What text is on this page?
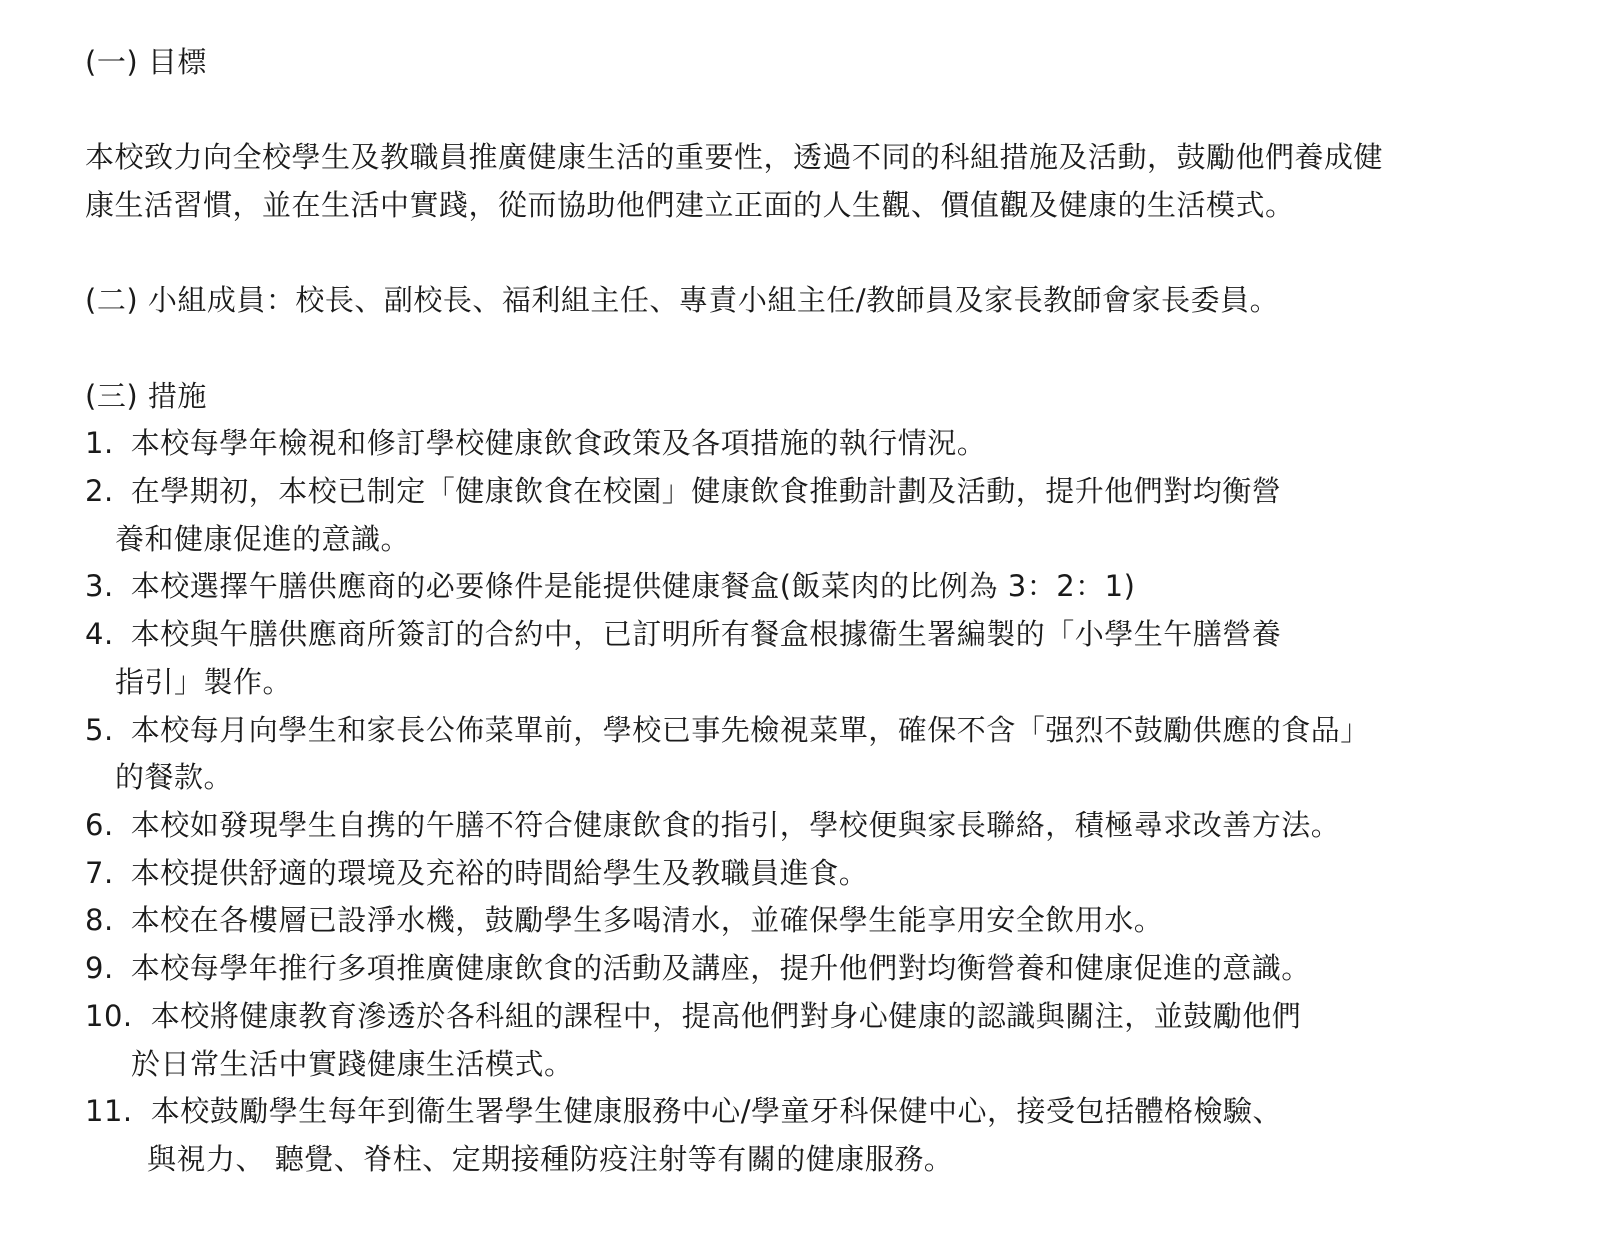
(一) 目標
本校致力向全校學生及教職員推廣健康生活的重要性，透過不同的科組措施及活動，鼓勵他們養成健
康生活習慣，並在生活中實踐，從而協助他們建立正面的人生觀、價值觀及健康的生活模式。
(二) 小組成員：校長、副校長、福利組主任、專責小組主任/教師員及家長教師會家長委員。
(三) 措施
1. 本校每學年檢視和修訂學校健康飲食政策及各項措施的執行情況。
2. 在學期初，本校已制定「健康飲食在校園」健康飲食推動計劃及活動，提升他們對均衡營
養和健康促進的意識。
3. 本校選擇午膳供應商的必要條件是能提供健康餐盒(飯菜肉的比例為 3：2：1)
4. 本校與午膳供應商所簽訂的合約中，已訂明所有餐盒根據衞生署編製的「小學生午膳營養
指引」製作。
5. 本校每月向學生和家長公佈菜單前，學校已事先檢視菜單，確保不含「强烈不鼓勵供應的食品」
的餐款。
6. 本校如發現學生自携的午膳不符合健康飲食的指引，學校便與家長聯絡，積極尋求改善方法。
7. 本校提供舒適的環境及充裕的時間給學生及教職員進食。
8. 本校在各樓層已設淨水機，鼓勵學生多喝清水，並確保學生能享用安全飲用水。
9. 本校每學年推行多項推廣健康飲食的活動及講座，提升他們對均衡營養和健康促進的意識。
10. 本校將健康教育滲透於各科組的課程中，提高他們對身心健康的認識與關注，並鼓勵他們
於日常生活中實踐健康生活模式。
11. 本校鼓勵學生每年到衞生署學生健康服務中心/學童牙科保健中心，接受包括體格檢驗、
與視力、 聽覺、脊柱、定期接種防疫注射等有關的健康服務。
